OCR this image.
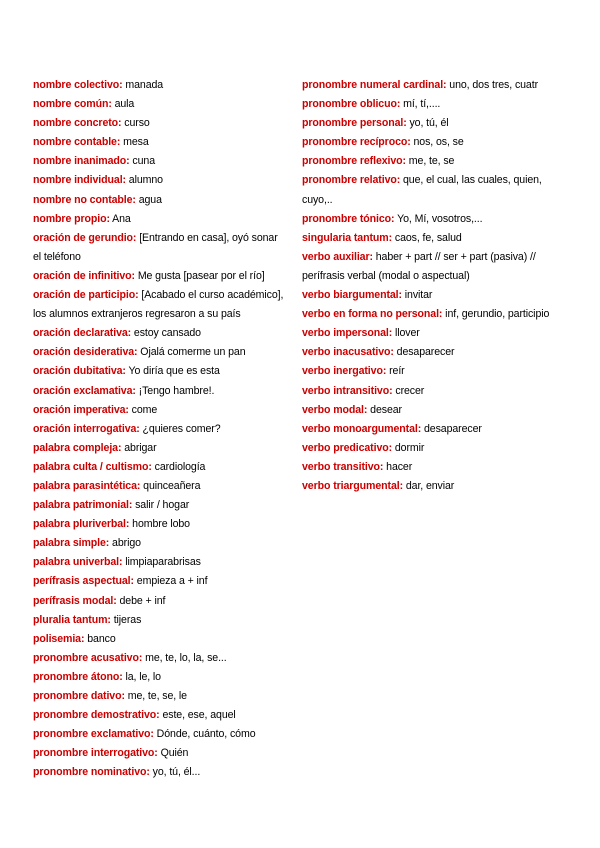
nombre colectivo: manada

nombre común: aula

nombre concreto: curso

nombre contable: mesa

nombre inanimado: cuna

nombre individual: alumno

nombre no contable: agua

nombre propio: Ana

oración de gerundio: [Entrando en casa], oyó sonar el teléfono

oración de infinitivo: Me gusta [pasear por el río]

oración de participio: [Acabado el curso académico], los alumnos extranjeros regresaron a su país

oración declarativa: estoy cansado

oración desiderativa: Ojalá comerme un pan

oración dubitativa: Yo diría que es esta

oración exclamativa: ¡Tengo hambre!.

oración imperativa: come

oración interrogativa: ¿quieres comer?

palabra compleja: abrigar

palabra culta / cultismo: cardiología

palabra parasintética: quinceañera

palabra patrimonial: salir / hogar

palabra pluriverbal: hombre lobo

palabra simple: abrigo

palabra univerbal: limpiaparabrisas

perífrasis aspectual: empieza a + inf

perífrasis modal: debe + inf

pluralia tantum: tijeras

polisemia: banco

pronombre acusativo: me, te, lo, la, se...

pronombre átono: la, le, lo

pronombre dativo: me, te, se, le

pronombre demostrativo: este, ese, aquel

pronombre exclamativo: Dónde, cuánto, cómo

pronombre interrogativo: Quién

pronombre nominativo: yo, tú, él...

pronombre numeral cardinal: uno, dos tres, cuatr

pronombre oblicuo: mí, tí,....

pronombre personal: yo, tú, él

pronombre recíproco: nos, os, se

pronombre reflexivo: me, te, se

pronombre relativo: que, el cual, las cuales, quien, cuyo,..

pronombre tónico: Yo, Mí, vosotros,...

singularia tantum: caos, fe, salud

verbo auxiliar: haber + part // ser + part (pasiva) // perífrasis verbal (modal o aspectual)

verbo biargumental: invitar

verbo en forma no personal: inf, gerundio, participio

verbo impersonal: llover

verbo inacusativo: desaparecer

verbo inergativo: reír

verbo intransitivo: crecer

verbo modal: desear

verbo monoargumental: desaparecer

verbo predicativo: dormir

verbo transitivo: hacer

verbo triargumental: dar, enviar
